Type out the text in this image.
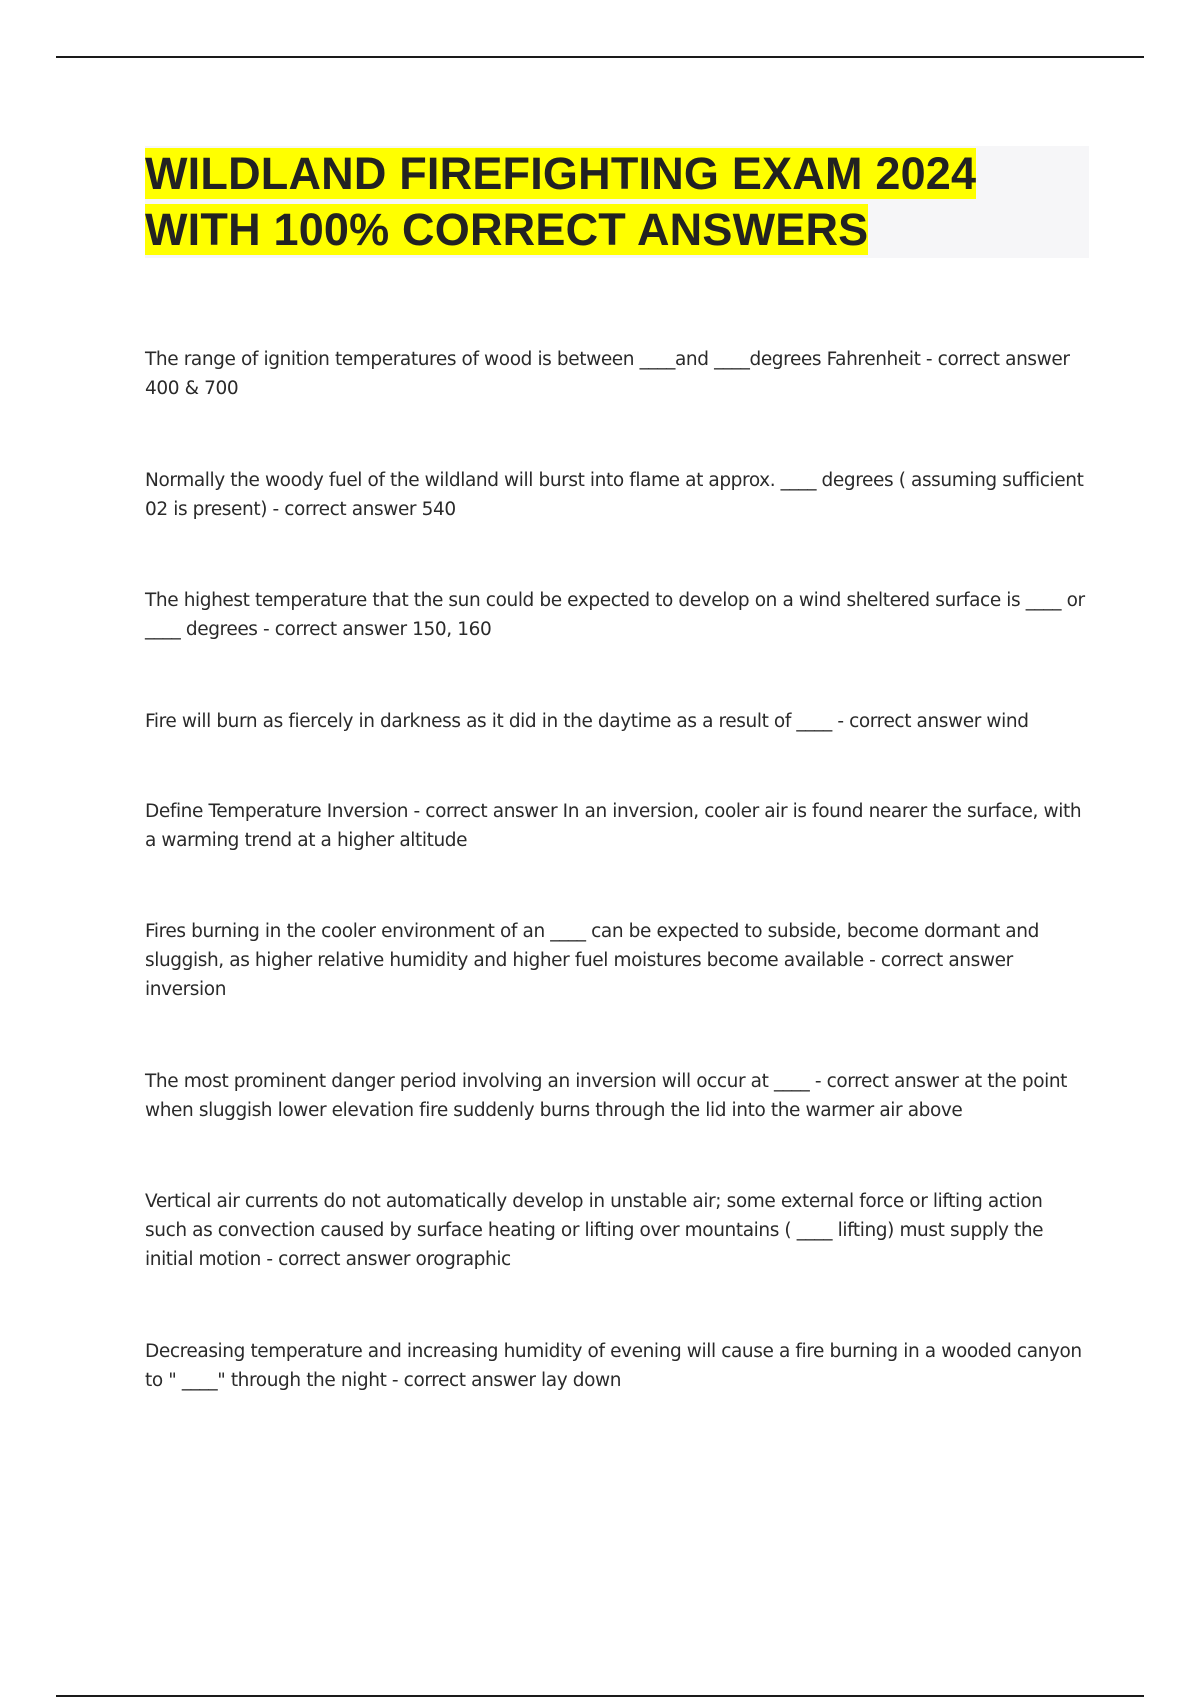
WILDLAND FIREFIGHTING EXAM 2024
WITH 100% CORRECT ANSWERS

The range of ignition temperatures of wood is between ____and ____degrees Fahrenheit - correct answer 400 & 700

Normally the woody fuel of the wildland will burst into flame at approx. ____ degrees ( assuming sufficient 02 is present) - correct answer 540

The highest temperature that the sun could be expected to develop on a wind sheltered surface is ____ or ____ degrees - correct answer 150, 160

Fire will burn as fiercely in darkness as it did in the daytime as a result of ____ - correct answer wind

Define Temperature Inversion - correct answer In an inversion, cooler air is found nearer the surface, with a warming trend at a higher altitude

Fires burning in the cooler environment of an ____ can be expected to subside, become dormant and sluggish, as higher relative humidity and higher fuel moistures become available - correct answer inversion

The most prominent danger period involving an inversion will occur at ____ - correct answer at the point when sluggish lower elevation fire suddenly burns through the lid into the warmer air above

Vertical air currents do not automatically develop in unstable air; some external force or lifting action such as convection caused by surface heating or lifting over mountains ( ____ lifting) must supply the initial motion - correct answer orographic

Decreasing temperature and increasing humidity of evening will cause a fire burning in a wooded canyon to " ____" through the night - correct answer lay down
